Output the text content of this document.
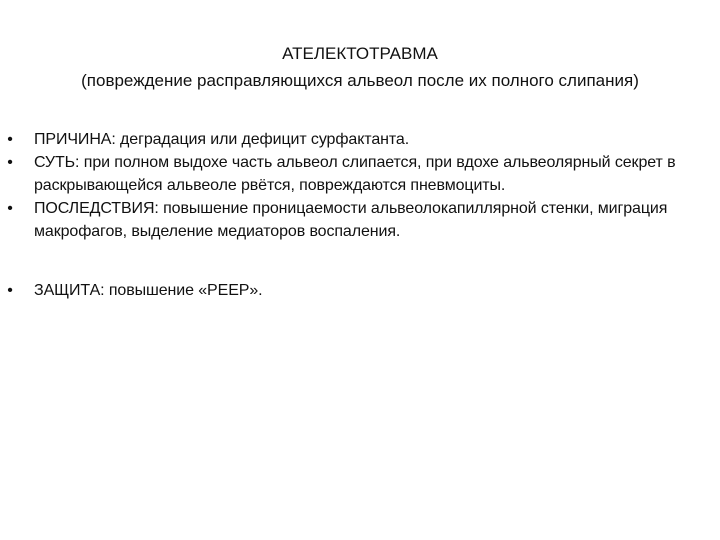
АТЕЛЕКТОТРАВМА
(повреждение расправляющихся альвеол после их полного слипания)
• ПРИЧИНА: деградация или дефицит сурфактанта.
• СУТЬ: при полном выдохе часть альвеол слипается, при вдохе альвеолярный секрет в раскрывающейся альвеоле рвётся, повреждаются пневмоциты.
• ПОСЛЕДСТВИЯ: повышение проницаемости альвеолокапиллярной стенки, миграция макрофагов, выделение медиаторов воспаления.
• ЗАЩИТА: повышение «PEEP».
